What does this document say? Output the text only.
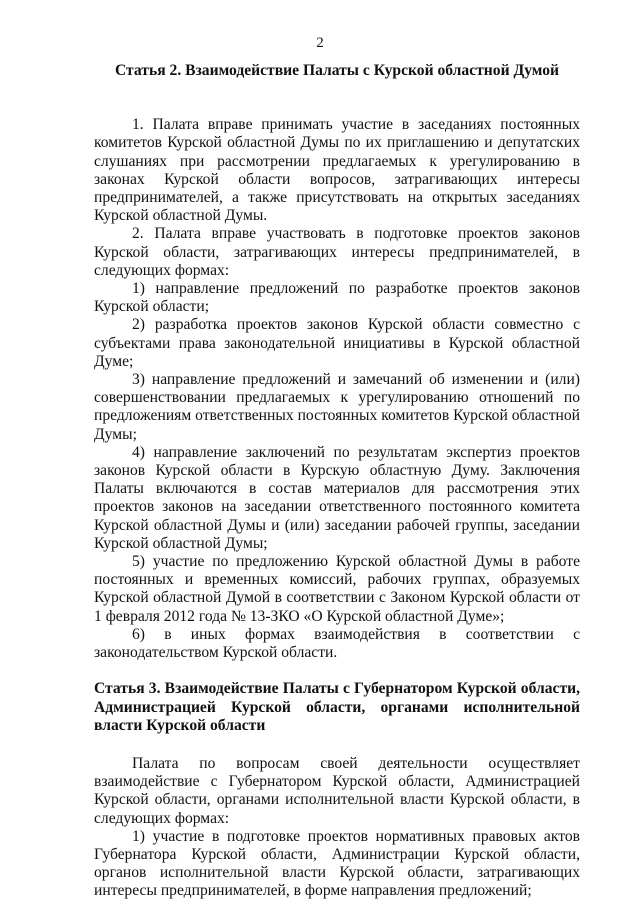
2

Статья 2. Взаимодействие Палаты с Курской областной Думой

1. Палата вправе принимать участие в заседаниях постоянных комитетов Курской областной Думы по их приглашению и депутатских слушаниях при рассмотрении предлагаемых к урегулированию в законах Курской области вопросов, затрагивающих интересы предпринимателей, а также присутствовать на открытых заседаниях Курской областной Думы.

2. Палата вправе участвовать в подготовке проектов законов Курской области, затрагивающих интересы предпринимателей, в следующих формах:

1) направление предложений по разработке проектов законов Курской области;

2) разработка проектов законов Курской области совместно с субъектами права законодательной инициативы в Курской областной Думе;

3) направление предложений и замечаний об изменении и (или) совершенствовании предлагаемых к урегулированию отношений по предложениям ответственных постоянных комитетов Курской областной Думы;

4) направление заключений по результатам экспертиз проектов законов Курской области в Курскую областную Думу. Заключения Палаты включаются в состав материалов для рассмотрения этих проектов законов на заседании ответственного постоянного комитета Курской областной Думы и (или) заседании рабочей группы, заседании Курской областной Думы;

5) участие по предложению Курской областной Думы в работе постоянных и временных комиссий, рабочих группах, образуемых Курской областной Думой в соответствии с Законом Курской области от 1 февраля 2012 года № 13-ЗКО «О Курской областной Думе»;

6) в иных формах взаимодействия в соответствии с законодательством Курской области.

Статья 3. Взаимодействие Палаты с Губернатором Курской области, Администрацией Курской области, органами исполнительной власти Курской области

Палата по вопросам своей деятельности осуществляет взаимодействие с Губернатором Курской области, Администрацией Курской области, органами исполнительной власти Курской области, в следующих формах:

1) участие в подготовке проектов нормативных правовых актов Губернатора Курской области, Администрации Курской области, органов исполнительной власти Курской области, затрагивающих интересы предпринимателей, в форме направления предложений;
